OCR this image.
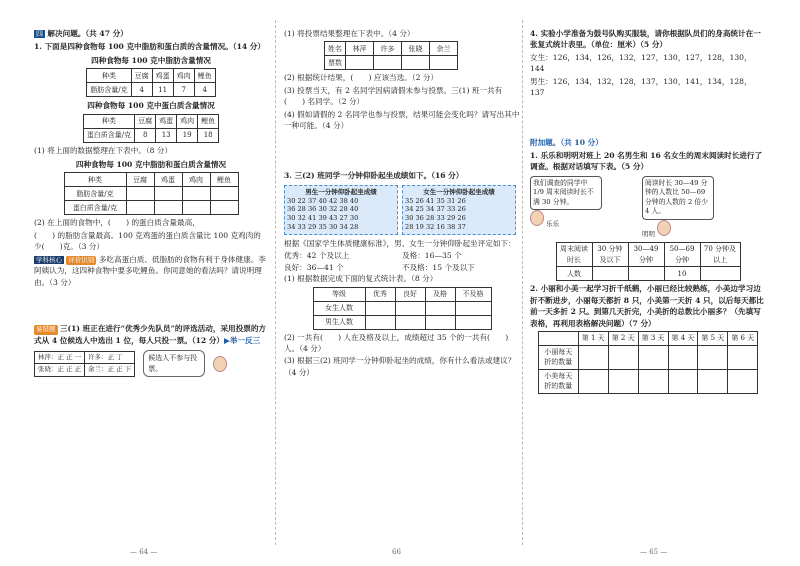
四 解决问题。（共 47 分）

1. 下面是四种食物每 100 克中脂肪和蛋白质的含量情况。（14 分）

四种食物每 100 克中脂肪含量情况
种类	豆腐	鸡蛋	鸡肉	鲤鱼
脂肪含量/克	4	11	7	4
四种食物每 100 克中蛋白质含量情况
种类	豆腐	鸡蛋	鸡肉	鲤鱼
蛋白质含量/克	8	13	19	18

(1) 将上面的数据整理在下表中。（8 分）

四种食物每 100 克中脂肪和蛋白质含量情况
种类	豆腐	鸡蛋	鸡肉	鲤鱼
脂肪含量/克				
蛋白质含量/克				

(2) 在上面的食物中，(　　) 的蛋白质含量最高，

(　　) 的脂肪含量最高。100 克鸡蛋的蛋白质含量比 100 克鸡肉的少(　　)克。（3 分）

学科核心 评价识别 多吃高蛋白质、低脂肪的食物有利于身体健康。李阿姨认为，这四种食物中要多吃鲤鱼。你同意她的看法吗？请说明理由。（3 分）

易错题 三(1) 班正在进行“优秀少先队员”的评选活动，采用投票的方式从 4 位候选人中选出 1 位，每人只投一票。（12 分）▶举一反三

林萍：正 正 一	许多：正 丁
张晓：正 正 正	余兰：正 正 下
候选人不参与投票。

(1) 将投票结果整理在下表中。（4 分）

姓名	林萍	许多	张晓	余兰
票数				

(2) 根据统计结果，(　　) 应该当选。（2 分）

(3) 投票当天，有 2 名同学因病请假未参与投票。三(1) 班一共有(　　) 名同学。（2 分）

(4) 假如请假的 2 名同学也参与投票，结果可能会变化吗？请写出其中一种可能。（4 分）

3. 三(2) 班同学一分钟仰卧起坐成绩如下。（16 分）

男生一分钟仰卧起坐成绩
30 22 37 40 42 38 40
36 28 36 30 32 28 40
30 32 41 39 43 27 30
34 33 29 35 30 34 28
女生一分钟仰卧起坐成绩
35 26 41 35 31 26
34 25 34 37 33 26
30 36 28 33 29 26
28 19 32 16 38 37

根据《国家学生体质健康标准》，男、女生一分钟仰卧起坐评定如下：

优秀：42 个及以上	及格：16—35 个
良好：36—41 个	不及格：15 个及以下

(1) 根据数据完成下面的复式统计表。（8 分）

等级	优秀	良好	及格	不及格
女生人数				
男生人数				

(2) 一共有(　　) 人在及格及以上，成绩超过 35 个的一共有(　　) 人。（4 分）

(3) 根据三(2) 班同学一分钟仰卧起坐的成绩，你有什么看法或建议？（4 分）

4. 实验小学准备为鼓号队购买服装，请你根据队员们的身高统计在一张复式统计表里。（单位：厘米）（5 分）

女生：126，134，126，132，127，130，127，128，130，144

男生：126，134，132，128，137，130，141，134，128，137

附加题。（共 10 分）

1. 乐乐和明明对班上 20 名男生和 16 名女生的周末阅读时长进行了调查。根据对话填写下表。（5 分）

我们调查的同学中 1/9 周末阅读时长不满 30 分钟。
乐乐
阅读时长 30—49 分钟的人数比 50—69 分钟的人数的 2 倍少 4 人。
明明
周末阅读时长	30 分钟及以下	30—49 分钟	50—69 分钟	70 分钟及以上
人数			10	

2. 小丽和小美一起学习折千纸鹤，小丽已经比较熟练，小美边学习边折不断进步，小丽每天都折 8 只，小美第一天折 4 只，以后每天都比前一天多折 2 只。到第几天折完，小美折的总数比小丽多？（先填写表格，再利用表格解决问题）（7 分）

	第 1 天	第 2 天	第 3 天	第 4 天	第 5 天	第 6 天
小丽每天折的数量						
小美每天折的数量						
— 64 —	66	— 65 —
